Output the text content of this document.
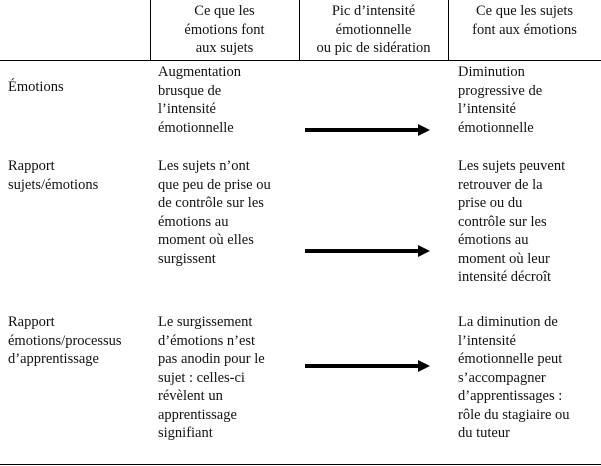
Ce que les
émotions font
aux sujets
Pic d’intensité
émotionnelle
ou pic de sidération
Ce que les sujets
font aux émotions
Émotions
Augmentation
brusque de
l’intensité
émotionnelle
Diminution
progressive de
l’intensité
émotionnelle
Rapport
sujets/émotions
Les sujets n’ont
que peu de prise ou
de contrôle sur les
émotions au
moment où elles
surgissent
Les sujets peuvent
retrouver de la
prise ou du
contrôle sur les
émotions au
moment où leur
intensité décroît
Rapport
émotions/processus
d’apprentissage
Le surgissement
d’émotions n’est
pas anodin pour le
sujet : celles-ci
révèlent un
apprentissage
signifiant
La diminution de
l’intensité
émotionnelle peut
s’accompagner
d’apprentissages :
rôle du stagiaire ou
du tuteur
